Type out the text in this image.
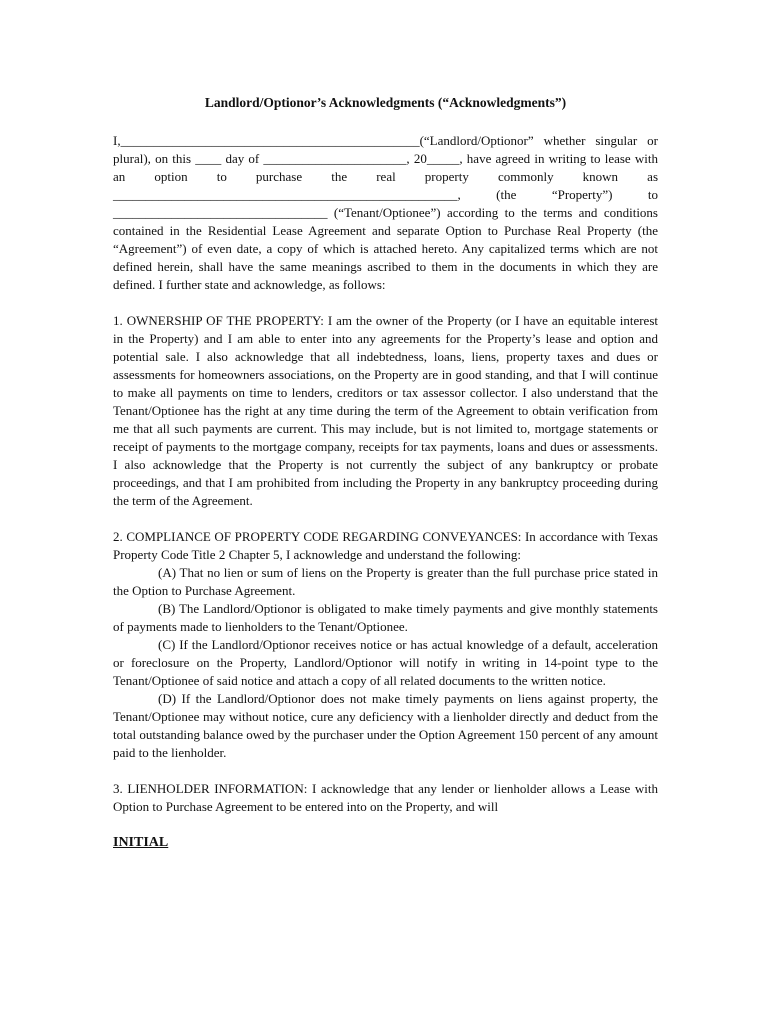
Landlord/Optionor’s Acknowledgments (“Acknowledgments”)

I,______________________________________________(“Landlord/Optionor” whether singular or plural), on this ____ day of ______________________, 20_____, have agreed in writing to lease with an option to purchase the real property commonly known as _____________________________________________________, (the “Property”) to _________________________________ (“Tenant/Optionee”) according to the terms and conditions contained in the Residential Lease Agreement and separate Option to Purchase Real Property (the “Agreement”) of even date, a copy of which is attached hereto. Any capitalized terms which are not defined herein, shall have the same meanings ascribed to them in the documents in which they are defined. I further state and acknowledge, as follows:

1. OWNERSHIP OF THE PROPERTY: I am the owner of the Property (or I have an equitable interest in the Property) and I am able to enter into any agreements for the Property’s lease and option and potential sale. I also acknowledge that all indebtedness, loans, liens, property taxes and dues or assessments for homeowners associations, on the Property are in good standing, and that I will continue to make all payments on time to lenders, creditors or tax assessor collector. I also understand that the Tenant/Optionee has the right at any time during the term of the Agreement to obtain verification from me that all such payments are current. This may include, but is not limited to, mortgage statements or receipt of payments to the mortgage company, receipts for tax payments, loans and dues or assessments. I also acknowledge that the Property is not currently the subject of any bankruptcy or probate proceedings, and that I am prohibited from including the Property in any bankruptcy proceeding during the term of the Agreement.

2. COMPLIANCE OF PROPERTY CODE REGARDING CONVEYANCES: In accordance with Texas Property Code Title 2 Chapter 5, I acknowledge and understand the following:

(A) That no lien or sum of liens on the Property is greater than the full purchase price stated in the Option to Purchase Agreement.

(B) The Landlord/Optionor is obligated to make timely payments and give monthly statements of payments made to lienholders to the Tenant/Optionee.

(C) If the Landlord/Optionor receives notice or has actual knowledge of a default, acceleration or foreclosure on the Property, Landlord/Optionor will notify in writing in 14-point type to the Tenant/Optionee of said notice and attach a copy of all related documents to the written notice.

(D) If the Landlord/Optionor does not make timely payments on liens against property, the Tenant/Optionee may without notice, cure any deficiency with a lienholder directly and deduct from the total outstanding balance owed by the purchaser under the Option Agreement 150 percent of any amount paid to the lienholder.

3. LIENHOLDER INFORMATION: I acknowledge that any lender or lienholder allows a Lease with Option to Purchase Agreement to be entered into on the Property, and will

INITIAL
